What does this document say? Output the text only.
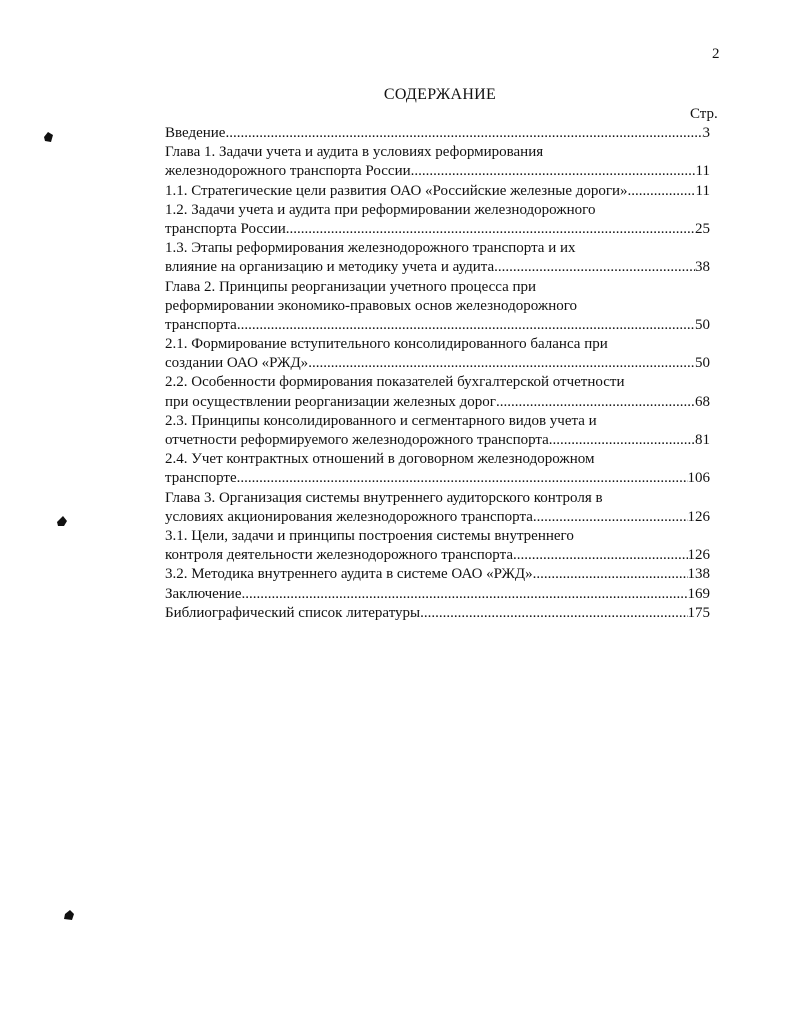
2
СОДЕРЖАНИЕ
Стр.
Введение .....	3
Глава 1. Задачи учета и аудита в условиях реформирования
железнодорожного транспорта России .....	11
1.1. Стратегические цели развития ОАО «Российские железные дороги» .....	11
1.2. Задачи учета и аудита при реформировании железнодорожного
транспорта России .....	25
1.3. Этапы реформирования железнодорожного транспорта и их
влияние на организацию и методику учета и аудита .....	38
Глава 2. Принципы реорганизации учетного процесса при
реформировании экономико-правовых основ железнодорожного
транспорта .....	50
2.1. Формирование вступительного консолидированного баланса при
создании ОАО «РЖД» .....	50
2.2. Особенности формирования показателей бухгалтерской отчетности
при осуществлении реорганизации железных дорог .....	68
2.3. Принципы консолидированного и сегментарного видов учета и
отчетности реформируемого железнодорожного транспорта .....	81
2.4. Учет контрактных отношений в договорном железнодорожном
транспорте .....	106
Глава 3. Организация системы внутреннего аудиторского контроля в
условиях акционирования железнодорожного транспорта .....	126
3.1. Цели, задачи и принципы построения системы внутреннего
контроля деятельности железнодорожного транспорта .....	126
3.2. Методика внутреннего аудита в системе ОАО «РЖД» .....	138
Заключение .....	169
Библиографический список литературы .....	175
